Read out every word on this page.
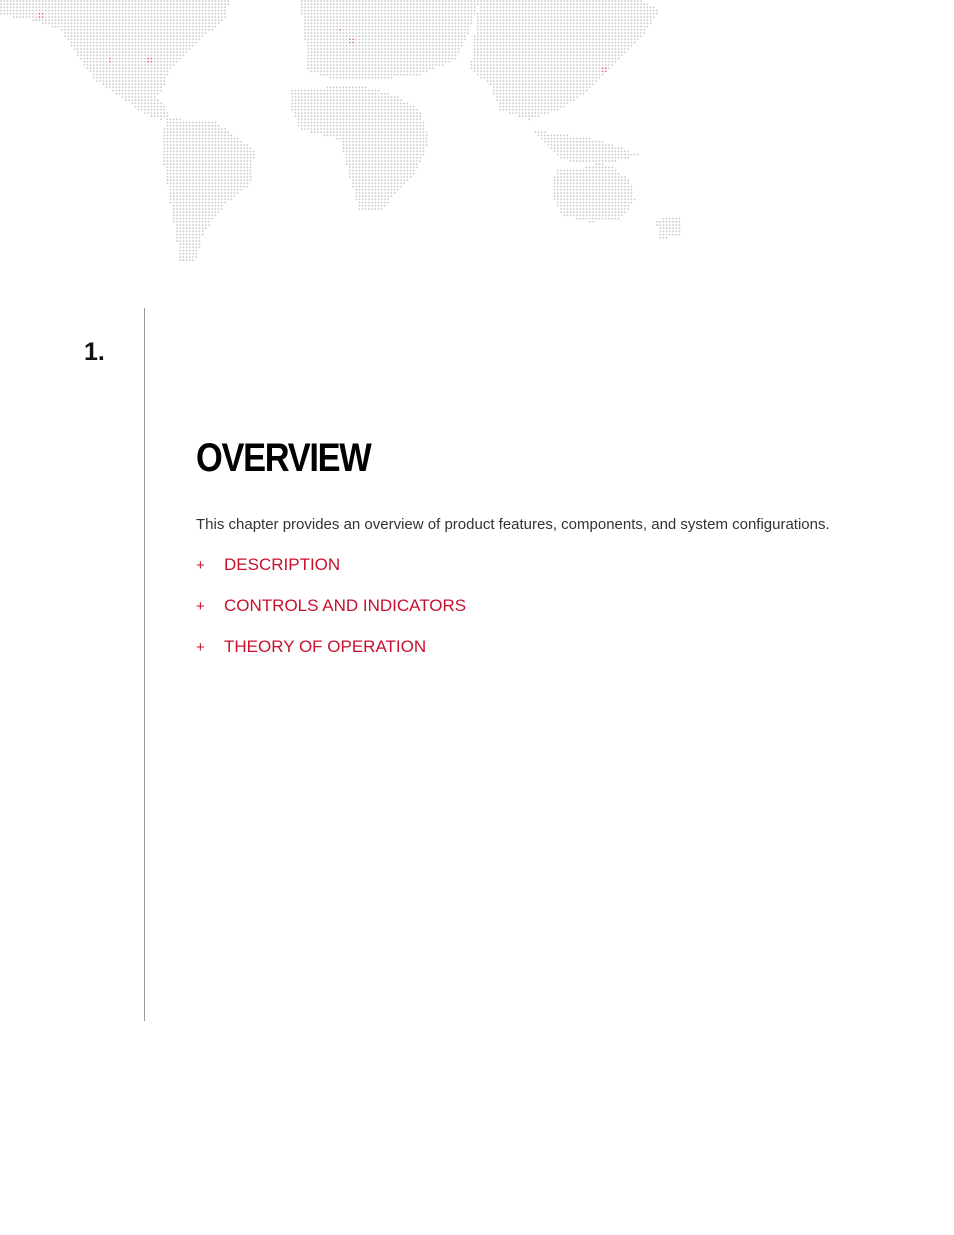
1.
OVERVIEW

This chapter provides an overview of product features, components, and system configurations.

+	DESCRIPTION
+	CONTROLS AND INDICATORS
+	THEORY OF OPERATION
